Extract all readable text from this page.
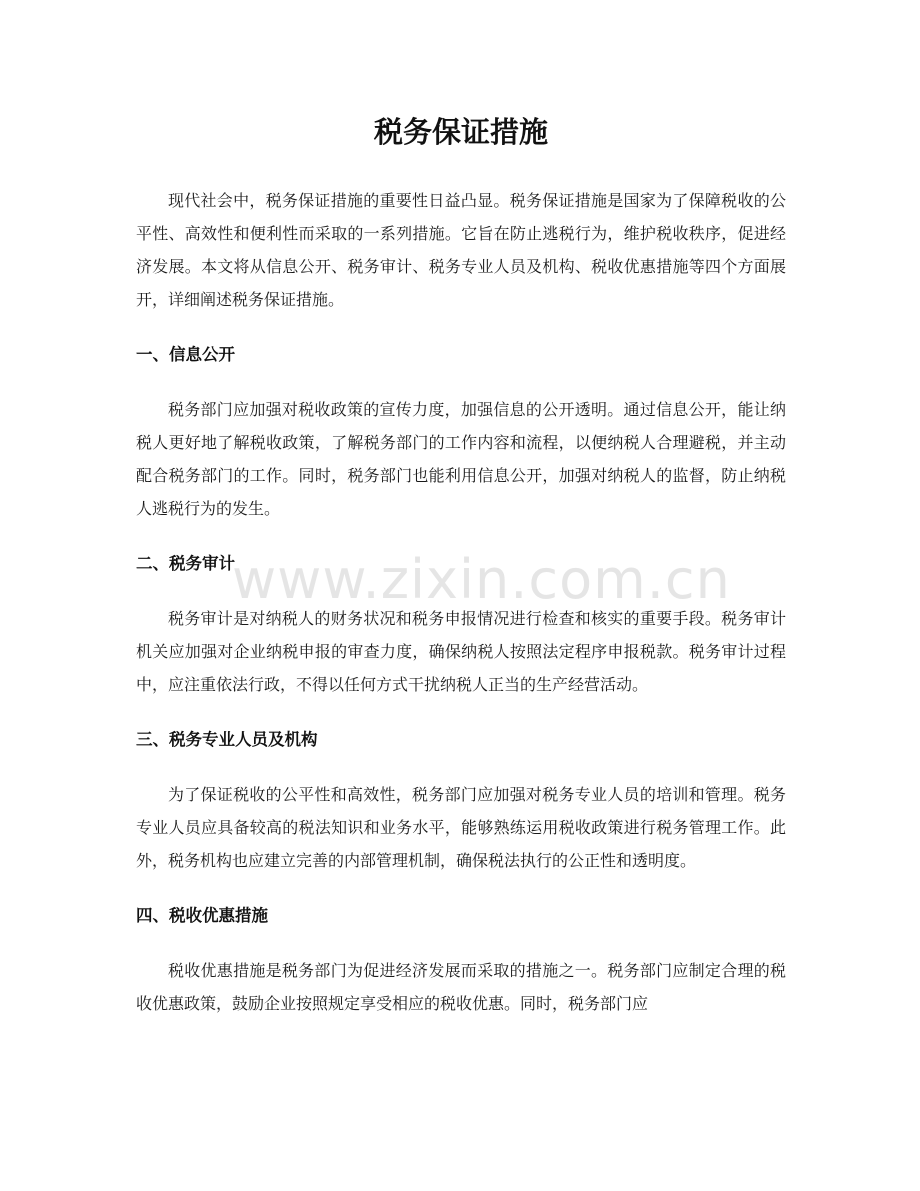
税务保证措施

现代社会中，税务保证措施的重要性日益凸显。税务保证措施是国家为了保障税收的公平性、高效性和便利性而采取的一系列措施。它旨在防止逃税行为，维护税收秩序，促进经济发展。本文将从信息公开、税务审计、税务专业人员及机构、税收优惠措施等四个方面展开，详细阐述税务保证措施。

一、信息公开

税务部门应加强对税收政策的宣传力度，加强信息的公开透明。通过信息公开，能让纳税人更好地了解税收政策，了解税务部门的工作内容和流程，以便纳税人合理避税，并主动配合税务部门的工作。同时，税务部门也能利用信息公开，加强对纳税人的监督，防止纳税人逃税行为的发生。

二、税务审计

税务审计是对纳税人的财务状况和税务申报情况进行检查和核实的重要手段。税务审计机关应加强对企业纳税申报的审查力度，确保纳税人按照法定程序申报税款。税务审计过程中，应注重依法行政，不得以任何方式干扰纳税人正当的生产经营活动。

三、税务专业人员及机构

为了保证税收的公平性和高效性，税务部门应加强对税务专业人员的培训和管理。税务专业人员应具备较高的税法知识和业务水平，能够熟练运用税收政策进行税务管理工作。此外，税务机构也应建立完善的内部管理机制，确保税法执行的公正性和透明度。

四、税收优惠措施

税收优惠措施是税务部门为促进经济发展而采取的措施之一。税务部门应制定合理的税收优惠政策，鼓励企业按照规定享受相应的税收优惠。同时，税务部门应

www.zixin.com.cn
